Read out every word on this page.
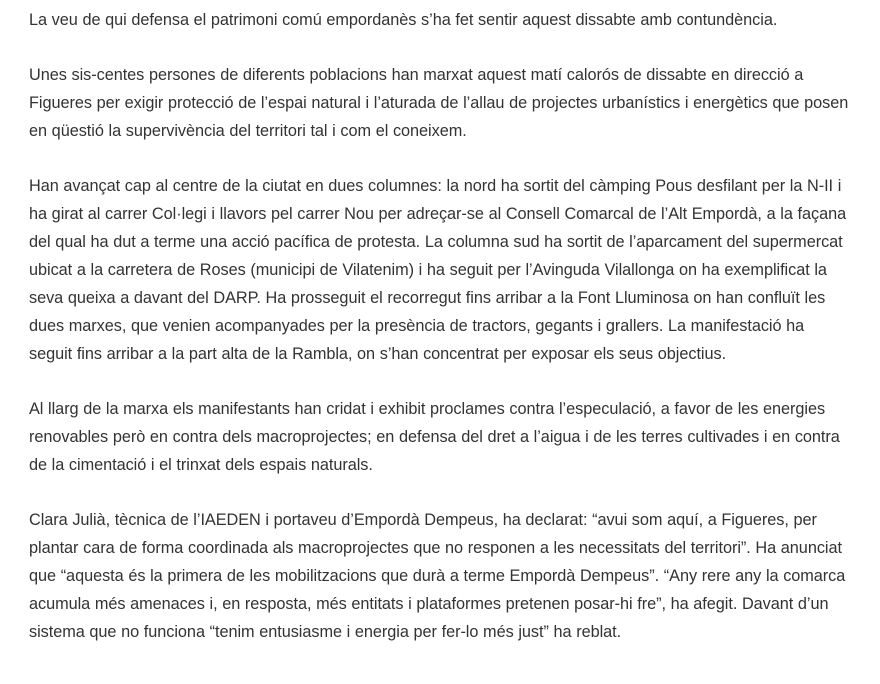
La veu de qui defensa el patrimoni comú empordanès s’ha fet sentir aquest dissabte amb contundència.

Unes sis-centes persones de diferents poblacions han marxat aquest matí calorós de dissabte en direcció a Figueres per exigir protecció de l’espai natural i l’aturada de l’allau de projectes urbanístics i energètics que posen en qüestió la supervivència del territori tal i com el coneixem.

Han avançat cap al centre de la ciutat en dues columnes: la nord ha sortit del càmping Pous desfilant per la N-II i ha girat al carrer Col·legi i llavors pel carrer Nou per adreçar-se al Consell Comarcal de l’Alt Empordà, a la façana del qual ha dut a terme una acció pacífica de protesta. La columna sud ha sortit de l’aparcament del supermercat ubicat a la carretera de Roses (municipi de Vilatenim) i ha seguit per l’Avinguda Vilallonga on ha exemplificat la seva queixa a davant del DARP. Ha prosseguit el recorregut fins arribar a la Font Lluminosa on han confluït les dues marxes, que venien acompanyades per la presència de tractors, gegants i grallers. La manifestació ha seguit fins arribar a la part alta de la Rambla, on s’han concentrat per exposar els seus objectius.

Al llarg de la marxa els manifestants han cridat i exhibit proclames contra l’especulació, a favor de les energies renovables però en contra dels macroprojectes; en defensa del dret a l’aigua i de les terres cultivades i en contra de la cimentació i el trinxat dels espais naturals.

Clara Julià, tècnica de l’IAEDEN i portaveu d’Empordà Dempeus, ha declarat: “avui som aquí, a Figueres, per plantar cara de forma coordinada als macroprojectes que no responen a les necessitats del territori”. Ha anunciat que “aquesta és la primera de les mobilitzacions que durà a terme Empordà Dempeus”. “Any rere any la comarca acumula més amenaces i, en resposta, més entitats i plataformes pretenen posar-hi fre”, ha afegit. Davant d’un sistema que no funciona “tenim entusiasme i energia per fer-lo més just” ha reblat.
